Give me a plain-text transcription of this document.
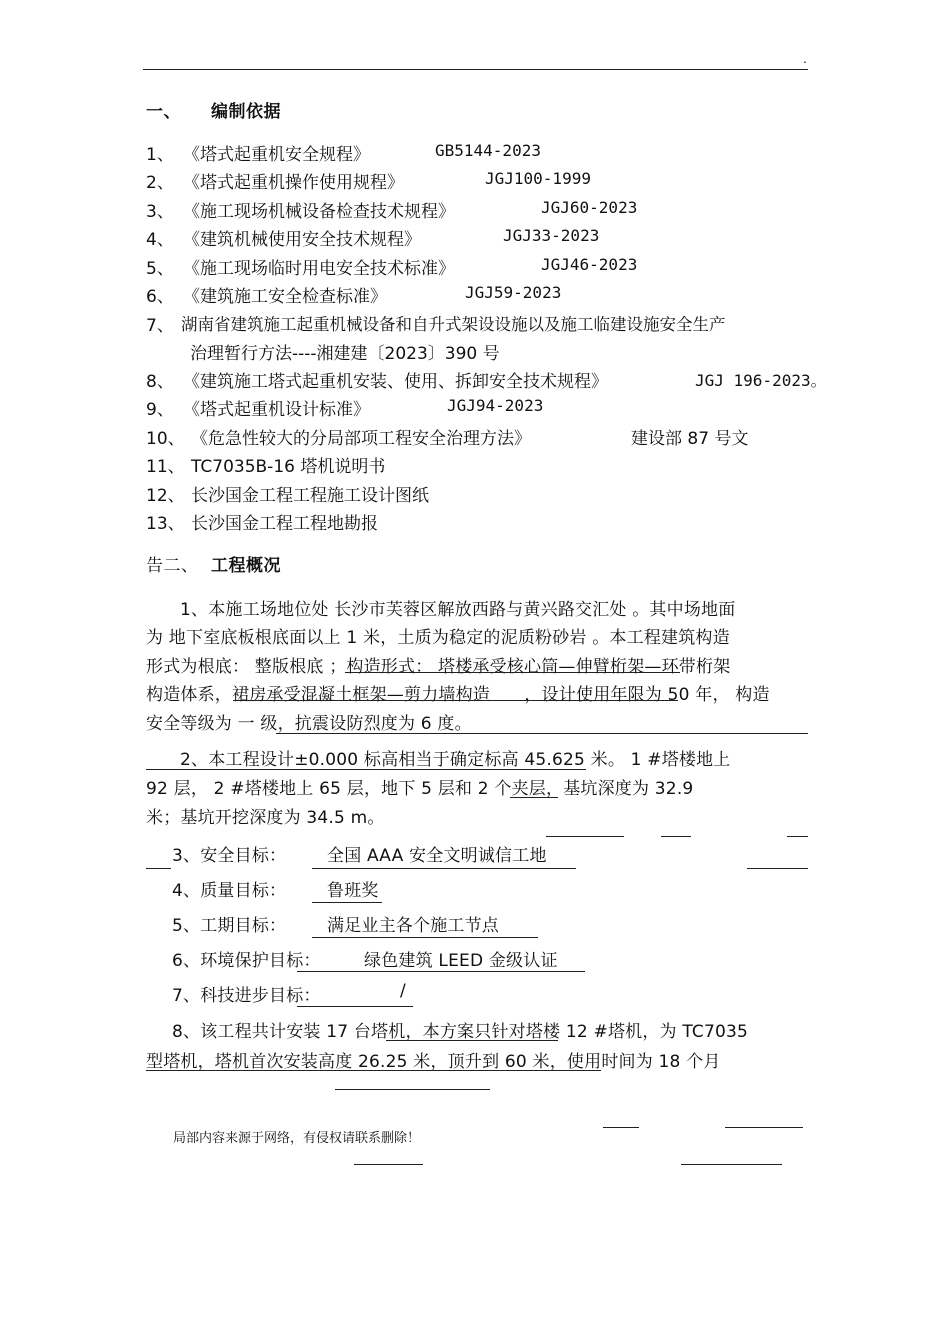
.
一、 编制依据
1、 《塔式起重机安全规程》	GB5144-2023
2、 《塔式起重机操作使用规程》	JGJ100-1999
3、 《施工现场机械设备检查技术规程》	JGJ60-2023
4、 《建筑机械使用安全技术规程》	JGJ33-2023
5、 《施工现场临时用电安全技术标准》	JGJ46-2023
6、 《建筑施工安全检查标准》	JGJ59-2023
7、 湖南省建筑施工起重机械设备和自升式架设设施以及施工临建设施安全生产
治理暂行方法----湘建建〔2023〕390 号
8、 《建筑施工塔式起重机安装、使用、拆卸安全技术规程》	JGJ 196-2023。
9、 《塔式起重机设计标准》	JGJ94-2023
10、 《危急性较大的分局部项工程安全治理方法》	建设部 87 号文
11、 TC7035B-16 塔机说明书
12、 长沙国金工程工程施工设计图纸
13、 长沙国金工程工程地勘报
告二、 工程概况
1、本施工场地位处 长沙市芙蓉区解放西路与黄兴路交汇处 。其中场地面
为 地下室底板根底面以上 1 米，土质为稳定的泥质粉砂岩 。本工程建筑构造
形式为根底： 整版根底 ；构造形式： 塔楼承受核心筒—伸臂桁架—环带桁架
构造体系，裙房承受混凝土框架—剪力墙构造　　，设计使用年限为 50 年， 构造
安全等级为 一 级，抗震设防烈度为 6 度。
2、本工程设计±0.000 标高相当于确定标高 45.625 米。 1 #塔楼地上
92 层， 2 #塔楼地上 65 层，地下 5 层和 2 个夹层，基坑深度为 32.9
米；基坑开挖深度为 34.5 m。
3、安全目标： 全国 AAA 安全文明诚信工地
4、质量目标： 鲁班奖
5、工期目标： 满足业主各个施工节点
6、环境保护目标：	绿色建筑 LEED 金级认证
7、科技进步目标：	/
8、该工程共计安装 17 台塔机，本方案只针对塔楼 12 #塔机，为 TC7035
型塔机，塔机首次安装高度 26.25 米，顶升到 60 米，使用时间为 18 个月
局部内容来源于网络，有侵权请联系删除！
